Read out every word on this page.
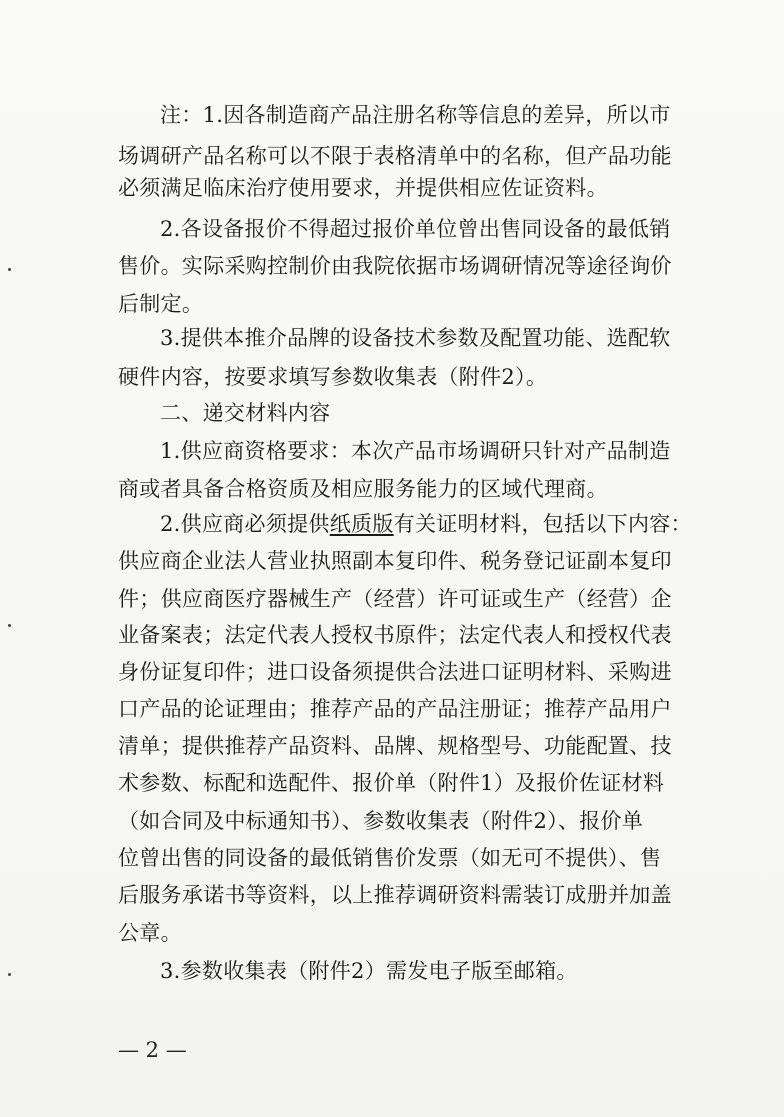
注：1.因各制造商产品注册名称等信息的差异，所以市
场调研产品名称可以不限于表格清单中的名称，但产品功能
必须满足临床治疗使用要求，并提供相应佐证资料。
2.各设备报价不得超过报价单位曾出售同设备的最低销
售价。实际采购控制价由我院依据市场调研情况等途径询价
后制定。
3.提供本推介品牌的设备技术参数及配置功能、选配软
硬件内容，按要求填写参数收集表（附件2）。
二、递交材料内容
1.供应商资格要求：本次产品市场调研只针对产品制造
商或者具备合格资质及相应服务能力的区域代理商。
2.供应商必须提供纸质版有关证明材料，包括以下内容：
供应商企业法人营业执照副本复印件、税务登记证副本复印
件；供应商医疗器械生产（经营）许可证或生产（经营）企
业备案表；法定代表人授权书原件；法定代表人和授权代表
身份证复印件；进口设备须提供合法进口证明材料、采购进
口产品的论证理由；推荐产品的产品注册证；推荐产品用户
清单；提供推荐产品资料、品牌、规格型号、功能配置、技
术参数、标配和选配件、报价单（附件1）及报价佐证材料
（如合同及中标通知书）、参数收集表（附件2）、报价单
位曾出售的同设备的最低销售价发票（如无可不提供）、售
后服务承诺书等资料，以上推荐调研资料需装订成册并加盖
公章。
3.参数收集表（附件2）需发电子版至邮箱。
— 2 —
